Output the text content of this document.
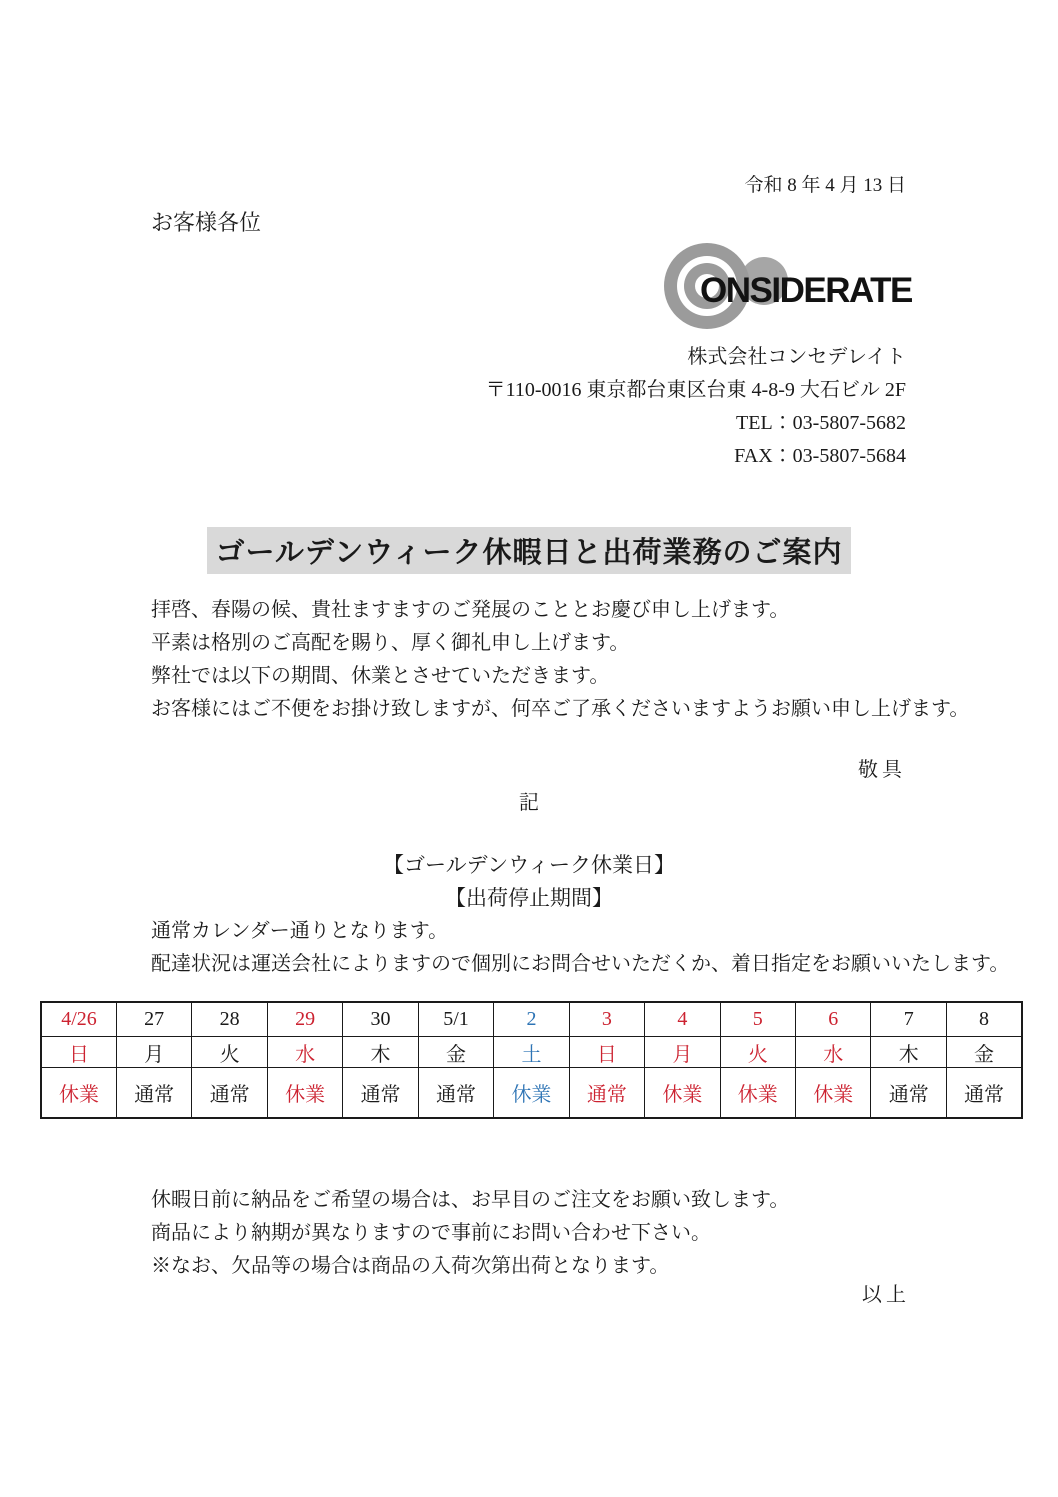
令和 8 年 4 月 13 日
お客様各位
ONSIDERATE
株式会社コンセデレイト
〒110-0016 東京都台東区台東 4-8-9 大石ビル 2F
TEL：03-5807-5682
FAX：03-5807-5684
ゴールデンウィーク休暇日と出荷業務のご案内
拝啓、春陽の候、貴社ますますのご発展のこととお慶び申し上げます。
平素は格別のご高配を賜り、厚く御礼申し上げます。
弊社では以下の期間、休業とさせていただきます。
お客様にはご不便をお掛け致しますが、何卒ご了承くださいますようお願い申し上げます。
敬具
記
【ゴールデンウィーク休業日】
【出荷停止期間】
通常カレンダー通りとなります。
配達状況は運送会社によりますので個別にお問合せいただくか、着日指定をお願いいたします。
4/26	27	28	29	30	5/1	2	3	4	5	6	7	8
日	月	火	水	木	金	土	日	月	火	水	木	金
休業	通常	通常	休業	通常	通常	休業	通常	休業	休業	休業	通常	通常
休暇日前に納品をご希望の場合は、お早目のご注文をお願い致します。
商品により納期が異なりますので事前にお問い合わせ下さい。
※なお、欠品等の場合は商品の入荷次第出荷となります。
以上
